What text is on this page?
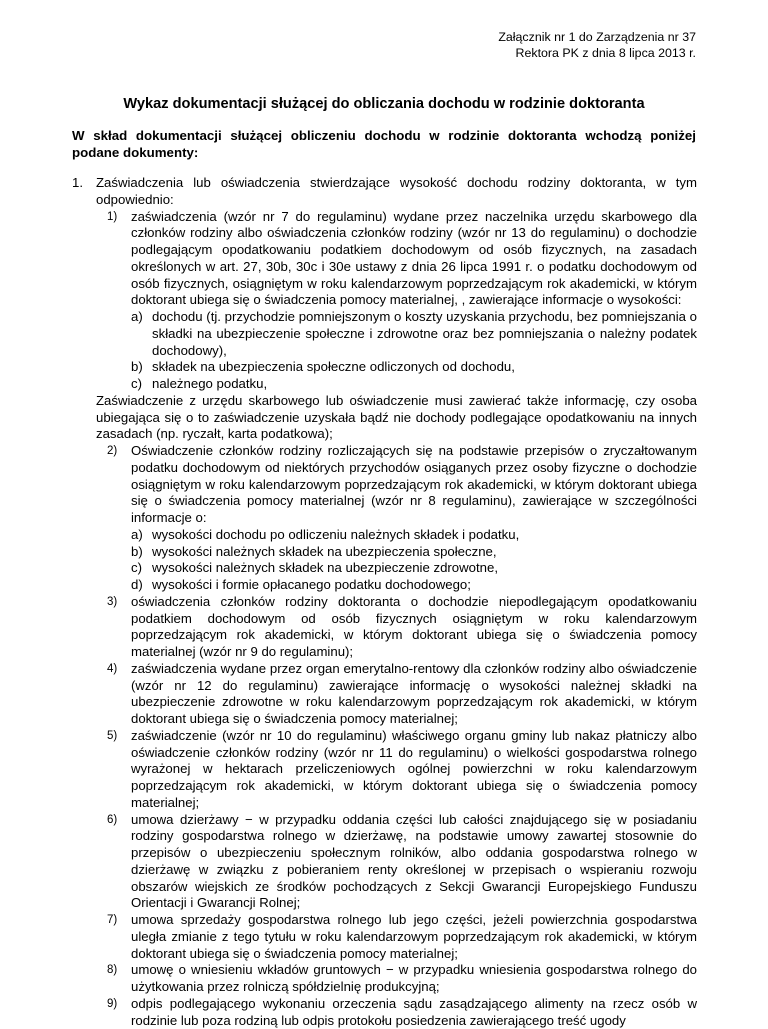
Załącznik nr 1 do Zarządzenia nr 37
Rektora PK z dnia 8 lipca 2013 r.
Wykaz dokumentacji służącej do obliczania dochodu w rodzinie doktoranta
W skład dokumentacji służącej obliczeniu dochodu w rodzinie doktoranta wchodzą poniżej podane dokumenty:
1. Zaświadczenia lub oświadczenia stwierdzające wysokość dochodu rodziny doktoranta, w tym odpowiednio:
1) zaświadczenia (wzór nr 7 do regulaminu) wydane przez naczelnika urzędu skarbowego dla członków rodziny albo oświadczenia członków rodziny (wzór nr 13 do regulaminu) o dochodzie podlegającym opodatkowaniu podatkiem dochodowym od osób fizycznych, na zasadach określonych w art. 27, 30b, 30c i 30e ustawy z dnia 26 lipca 1991 r. o podatku dochodowym od osób fizycznych, osiągniętym w roku kalendarzowym poprzedzającym rok akademicki, w którym doktorant ubiega się o świadczenia pomocy materialnej, , zawierające informacje o wysokości:
a) dochodu (tj. przychodzie pomniejszonym o koszty uzyskania przychodu, bez pomniejszania o składki na ubezpieczenie społeczne i zdrowotne oraz bez pomniejszania o należny podatek dochodowy),
b) składek na ubezpieczenia społeczne odliczonych od dochodu,
c) należnego podatku,
Zaświadczenie z urzędu skarbowego lub oświadczenie musi zawierać także informację, czy osoba ubiegająca się o to zaświadczenie uzyskała bądź nie dochody podlegające opodatkowaniu na innych zasadach (np. ryczałt, karta podatkowa);
2) Oświadczenie członków rodziny rozliczających się na podstawie przepisów o zryczałtowanym podatku dochodowym od niektórych przychodów osiąganych przez osoby fizyczne o dochodzie osiągniętym w roku kalendarzowym poprzedzającym rok akademicki, w którym doktorant ubiega się o świadczenia pomocy materialnej (wzór nr 8 regulaminu), zawierające w szczególności informacje o:
a) wysokości dochodu po odliczeniu należnych składek i podatku,
b) wysokości należnych składek na ubezpieczenia społeczne,
c) wysokości należnych składek na ubezpieczenie zdrowotne,
d) wysokości i formie opłacanego podatku dochodowego;
3) oświadczenia członków rodziny doktoranta o dochodzie niepodlegającym opodatkowaniu podatkiem dochodowym od osób fizycznych osiągniętym w roku kalendarzowym poprzedzającym rok akademicki, w którym doktorant ubiega się o świadczenia pomocy materialnej (wzór nr 9 do regulaminu);
4) zaświadczenia wydane przez organ emerytalno-rentowy dla członków rodziny albo oświadczenie (wzór nr 12 do regulaminu) zawierające informację o wysokości należnej składki na ubezpieczenie zdrowotne w roku kalendarzowym poprzedzającym rok akademicki, w którym doktorant ubiega się o świadczenia pomocy materialnej;
5) zaświadczenie (wzór nr 10 do regulaminu) właściwego organu gminy lub nakaz płatniczy albo oświadczenie członków rodziny (wzór nr 11 do regulaminu) o wielkości gospodarstwa rolnego wyrażonej w hektarach przeliczeniowych ogólnej powierzchni w roku kalendarzowym poprzedzającym rok akademicki, w którym doktorant ubiega się o świadczenia pomocy materialnej;
6) umowa dzierżawy − w przypadku oddania części lub całości znajdującego się w posiadaniu rodziny gospodarstwa rolnego w dzierżawę, na podstawie umowy zawartej stosownie do przepisów o ubezpieczeniu społecznym rolników, albo oddania gospodarstwa rolnego w dzierżawę w związku z pobieraniem renty określonej w przepisach o wspieraniu rozwoju obszarów wiejskich ze środków pochodzących z Sekcji Gwarancji Europejskiego Funduszu Orientacji i Gwarancji Rolnej;
7) umowa sprzedaży gospodarstwa rolnego lub jego części, jeżeli powierzchnia gospodarstwa uległa zmianie z tego tytułu w roku kalendarzowym poprzedzającym rok akademicki, w którym doktorant ubiega się o świadczenia pomocy materialnej;
8) umowę o wniesieniu wkładów gruntowych − w przypadku wniesienia gospodarstwa rolnego do użytkowania przez rolniczą spółdzielnię produkcyjną;
9) odpis podlegającego wykonaniu orzeczenia sądu zasądzającego alimenty na rzecz osób w rodzinie lub poza rodziną lub odpis protokołu posiedzenia zawierającego treść ugody
